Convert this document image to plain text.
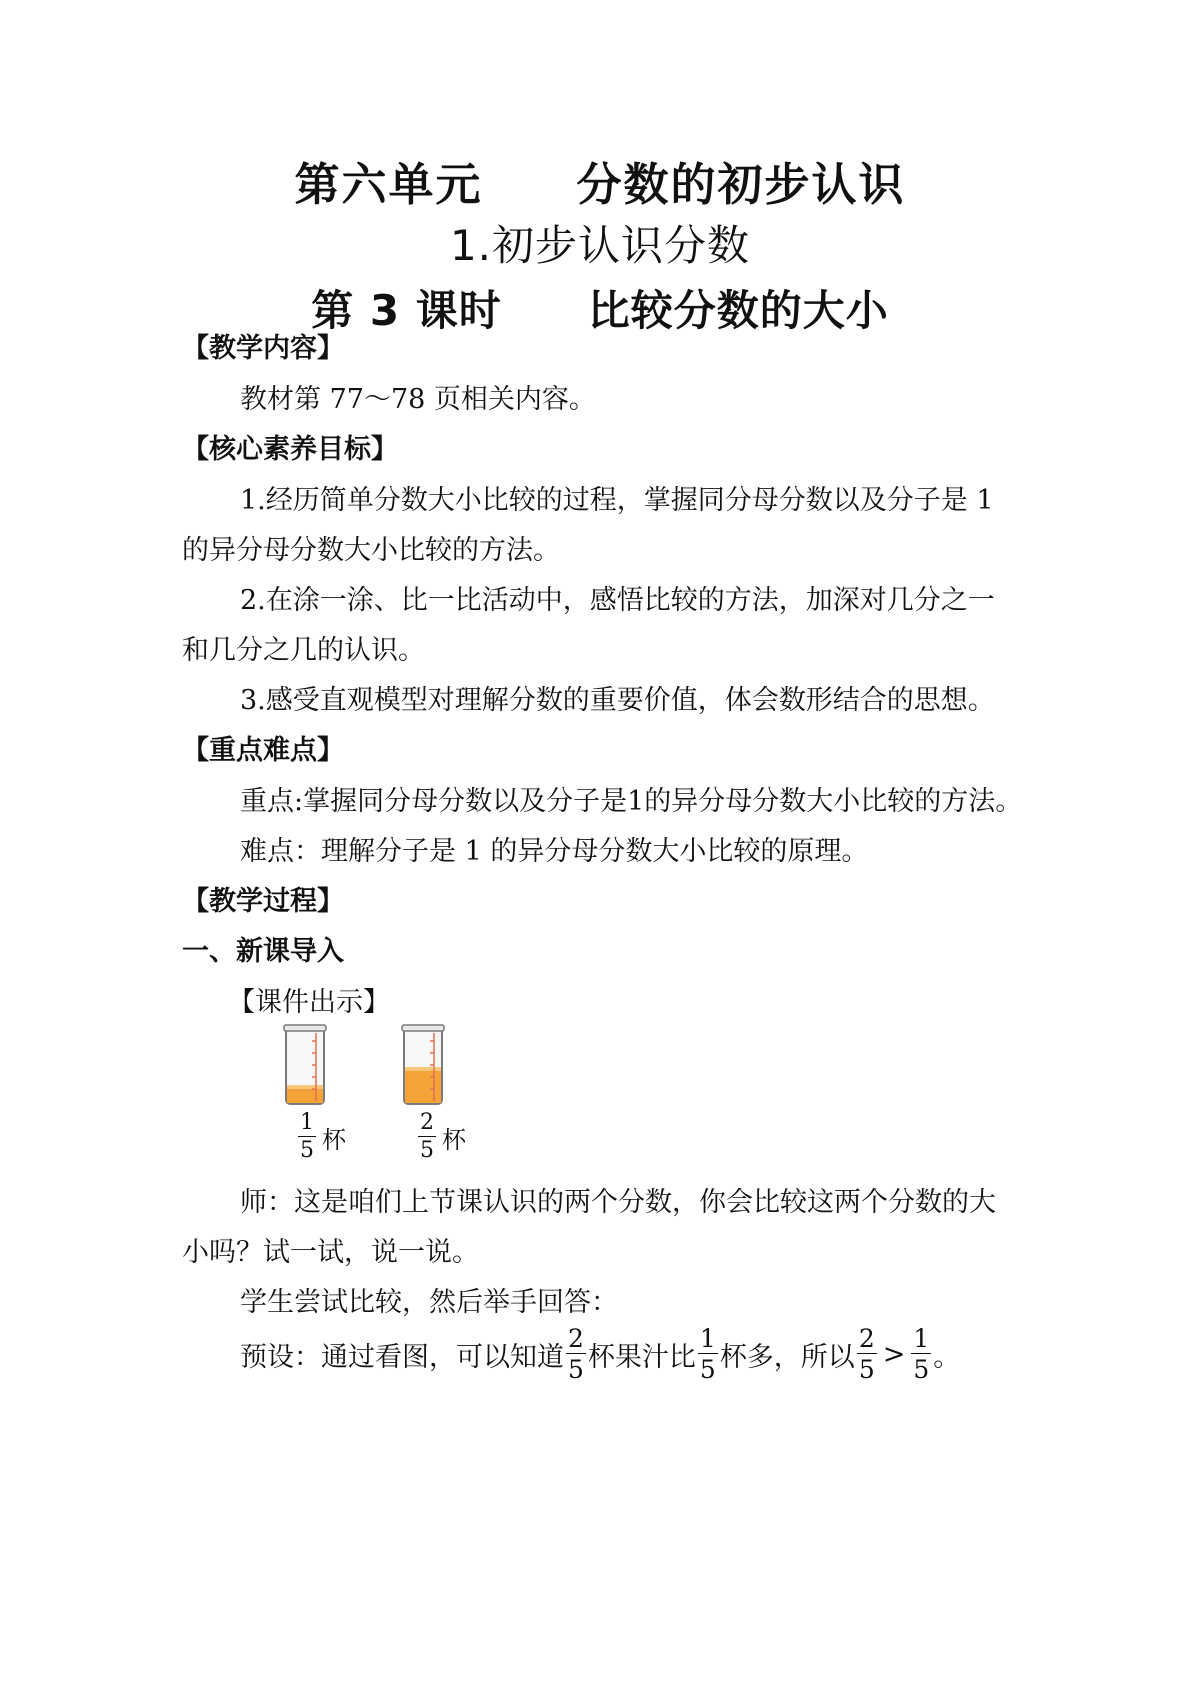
第六单元　　分数的初步认识
1.初步认识分数
第 3 课时　　比较分数的大小
【教学内容】
教材第 77～78 页相关内容。
【核心素养目标】
1.经历简单分数大小比较的过程，掌握同分母分数以及分子是 1
的异分母分数大小比较的方法。
2.在涂一涂、比一比活动中，感悟比较的方法，加深对几分之一
和几分之几的认识。
3.感受直观模型对理解分数的重要价值，体会数形结合的思想。
【重点难点】
重点:掌握同分母分数以及分子是1的异分母分数大小比较的方法。
难点：理解分子是 1 的异分母分数大小比较的原理。
【教学过程】
一、新课导入
【课件出示】
1
5 杯
2
5 杯
师：这是咱们上节课认识的两个分数，你会比较这两个分数的大
小吗？试一试，说一说。
学生尝试比较，然后举手回答：
预设：通过看图，可以知道
2
5 杯果汁比
1
5 杯多，所以
2
5 > 1
5 。
